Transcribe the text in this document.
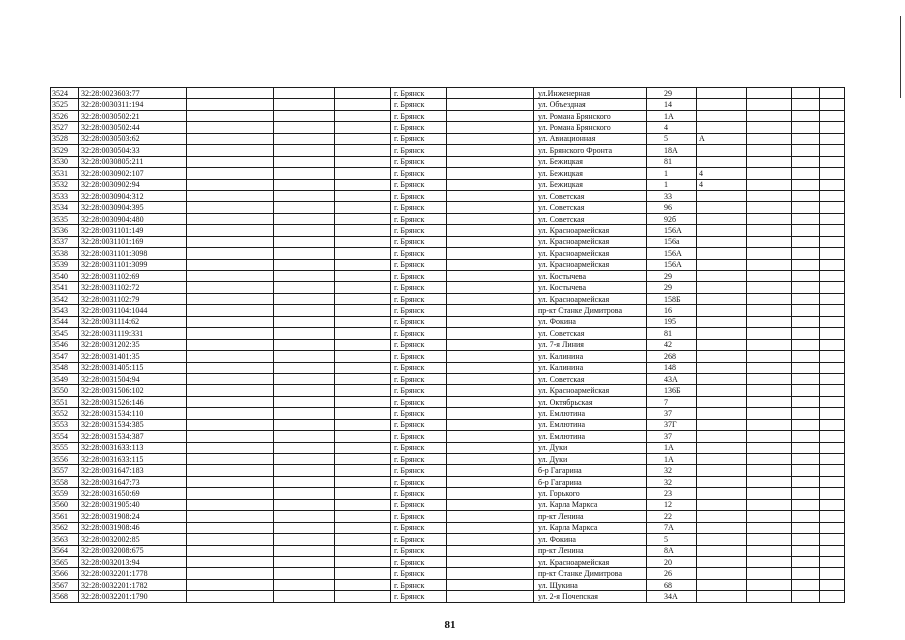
3524	32:28:0023603:77				г. Брянск		ул.Инженерная	29				
3525	32:28:0030311:194				г. Брянск		ул. Объездная	14				
3526	32:28:0030502:21				г. Брянск		ул. Романа Брянского	1А				
3527	32:28:0030502:44				г. Брянск		ул. Романа Брянского	4				
3528	32:28:0030503:62				г. Брянск		ул. Авиационная	5	А			
3529	32:28:0030504:33				г. Брянск		ул. Брянского Фронта	18А				
3530	32:28:0030805:211				г. Брянск		ул. Бежицкая	81				
3531	32:28:0030902:107				г. Брянск		ул. Бежицкая	1	4			
3532	32:28:0030902:94				г. Брянск		ул. Бежицкая	1	4			
3533	32:28:0030904:312				г. Брянск		ул. Советская	33				
3534	32:28:0030904:395				г. Брянск		ул. Советская	96				
3535	32:28:0030904:480				г. Брянск		ул. Советская	92б				
3536	32:28:0031101:149				г. Брянск		ул. Красноармейская	156А				
3537	32:28:0031101:169				г. Брянск		ул. Красноармейская	156а				
3538	32:28:0031101:3098				г. Брянск		ул. Красноармейская	156А				
3539	32:28:0031101:3099				г. Брянск		ул. Красноармейская	156А				
3540	32:28:0031102:69				г. Брянск		ул. Костычева	29				
3541	32:28:0031102:72				г. Брянск		ул. Костычева	29				
3542	32:28:0031102:79				г. Брянск		ул. Красноармейская	158Б				
3543	32:28:0031104:1044				г. Брянск		пр-кт Станке Димитрова	16				
3544	32:28:0031114:62				г. Брянск		ул. Фокина	195				
3545	32:28:0031119:331				г. Брянск		ул. Советская	81				
3546	32:28:0031202:35				г. Брянск		ул. 7-я Линия	42				
3547	32:28:0031401:35				г. Брянск		ул. Калинина	268				
3548	32:28:0031405:115				г. Брянск		ул. Калинина	148				
3549	32:28:0031504:94				г. Брянск		ул. Советская	43А				
3550	32:28:0031506:102				г. Брянск		ул. Красноармейская	136Б				
3551	32:28:0031526:146				г. Брянск		ул. Октябрьская	7				
3552	32:28:0031534:110				г. Брянск		ул. Емлютина	37				
3553	32:28:0031534:385				г. Брянск		ул. Емлютина	37Г				
3554	32:28:0031534:387				г. Брянск		ул. Емлютина	37				
3555	32:28:0031633:113				г. Брянск		ул. Дуки	1А				
3556	32:28:0031633:115				г. Брянск		ул. Дуки	1А				
3557	32:28:0031647:183				г. Брянск		б-р Гагарина	32				
3558	32:28:0031647:73				г. Брянск		б-р Гагарина	32				
3559	32:28:0031650:69				г. Брянск		ул. Горького	23				
3560	32:28:0031905:40				г. Брянск		ул. Карла Маркса	12				
3561	32:28:0031908:24				г. Брянск		пр-кт Ленина	22				
3562	32:28:0031908:46				г. Брянск		ул. Карла Маркса	7А				
3563	32:28:0032002:85				г. Брянск		ул. Фокина	5				
3564	32:28:0032008:675				г. Брянск		пр-кт Ленина	8А				
3565	32:28:0032013:94				г. Брянск		ул. Красноармейская	20				
3566	32:28:0032201:1778				г. Брянск		пр-кт Станке Димитрова	26				
3567	32:28:0032201:1782				г. Брянск		ул. Щукина	68				
3568	32:28:0032201:1790				г. Брянск		ул. 2-я Почепская	34А				
81
